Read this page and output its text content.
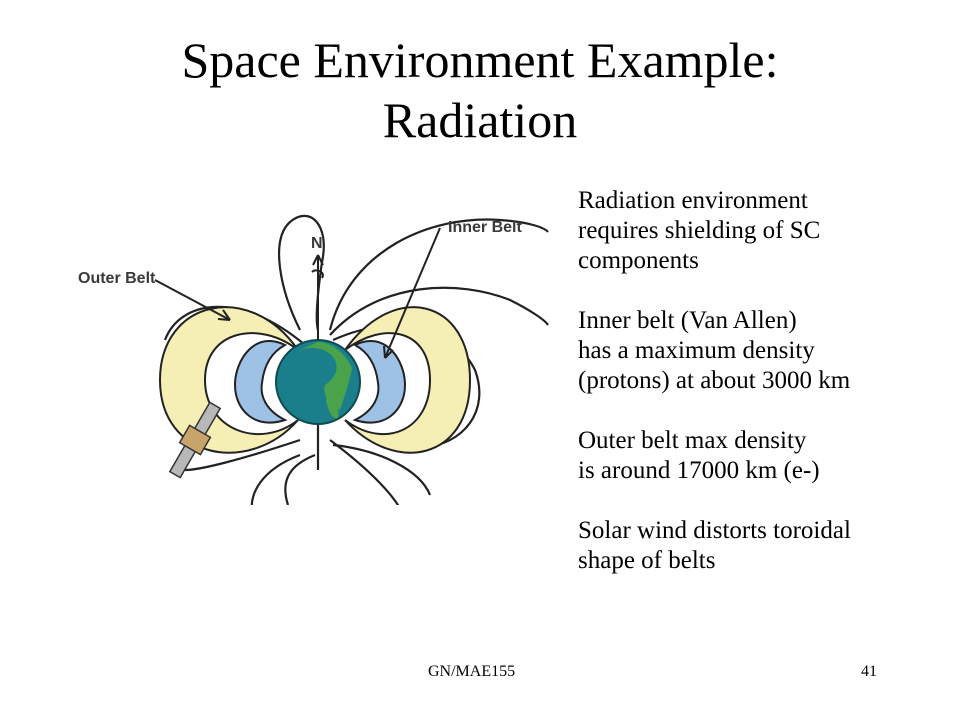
Space Environment Example:
Radiation
N
Outer Belt
Inner Belt

Radiation environment
requires shielding of SC
components

Inner belt (Van Allen)
has a maximum density
(protons) at about 3000 km

Outer belt max density
is around 17000 km (e-)

Solar wind distorts toroidal
shape of belts

GN/MAE155	41
